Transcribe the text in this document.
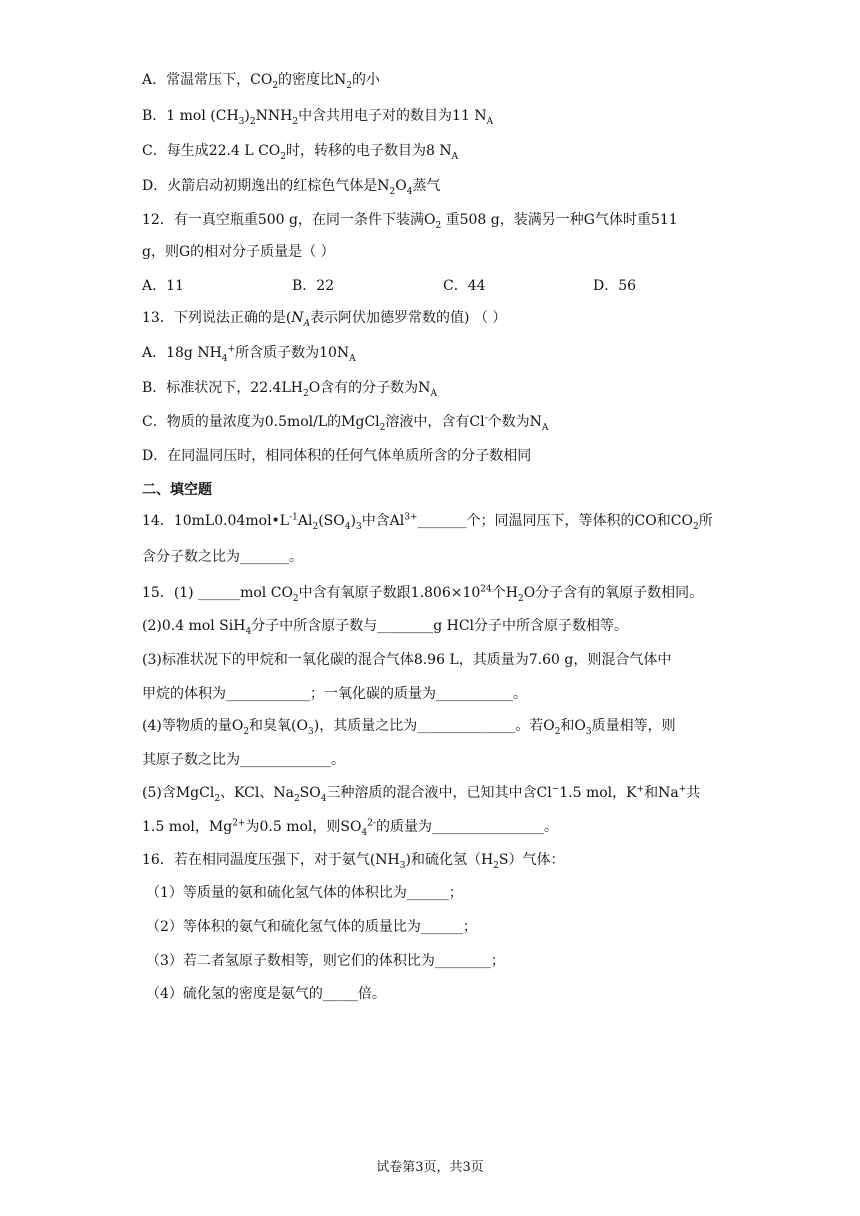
A．常温常压下，$CO_2$的密度比$N_2$的小
B．1 mol $(CH_3)_2NNH_2$中含共用电子对的数目为11 $N_A$
C．每生成22.4 L $CO_2$时，转移的电子数目为8 $N_A$
D．火箭启动初期逸出的红棕色气体是$N_2O_4$蒸气
12．有一真空瓶重500 g，在同一条件下装满$O_2$ 重508 g，装满另一种G气体时重511
g，则G的相对分子质量是（ ）
A．11	B．22	C．44	D．56
13．下列说法正确的是($N_A$表示阿伏加德罗常数的值) （ ）
A．18g $NH_4^+$所含质子数为$10N_A$
B．标准状况下，$22.4LH_2O$含有的分子数为$N_A$
C．物质的量浓度为0.5mol/L的MgCl$_2$溶液中，含有Cl-个数为$N_A$
D．在同温同压时，相同体积的任何气体单质所含的分子数相同
二、填空题
14．$10mL0.04mol•L^{-1}Al_2(SO_4)_3$中含$Al^{3+}\_\_\_\_\_\_\_$个；同温同压下，等体积的CO和$CO_2$所
含分子数之比为_______。
15．(1) ______mol $CO_2$中含有氧原子数跟$1.806\times 10^{24}$个$H_2O$分子含有的氧原子数相同。
(2)0.4 mol SiH$_4$分子中所含原子数与________g HCl分子中所含原子数相等。
(3)标准状况下的甲烷和一氧化碳的混合气体8.96 L，其质量为7.60 g，则混合气体中
甲烷的体积为____________；一氧化碳的质量为___________。
(4)等物质的量$O_2$和臭氧$(O_3)$，其质量之比为______________。若$O_2$和$O_3$质量相等，则
其原子数之比为_____________。
(5)含MgCl$_2$、KCl、$Na_2SO_4$三种溶质的混合液中，已知其中含Cl−1.5 mol，K+和Na+共
1.5 mol，$Mg^{2+}$为0.5 mol，则$SO_4^{2-}$的质量为________________。
16．若在相同温度压强下，对于氨气$(NH_3)$和硫化氢$(H_2S)$气体：
（1）等质量的氨和硫化氢气体的体积比为______；
（2）等体积的氨气和硫化氢气体的质量比为______；
（3）若二者氢原子数相等，则它们的体积比为________；
（4）硫化氢的密度是氨气的_____倍。
试卷第3页，共3页
